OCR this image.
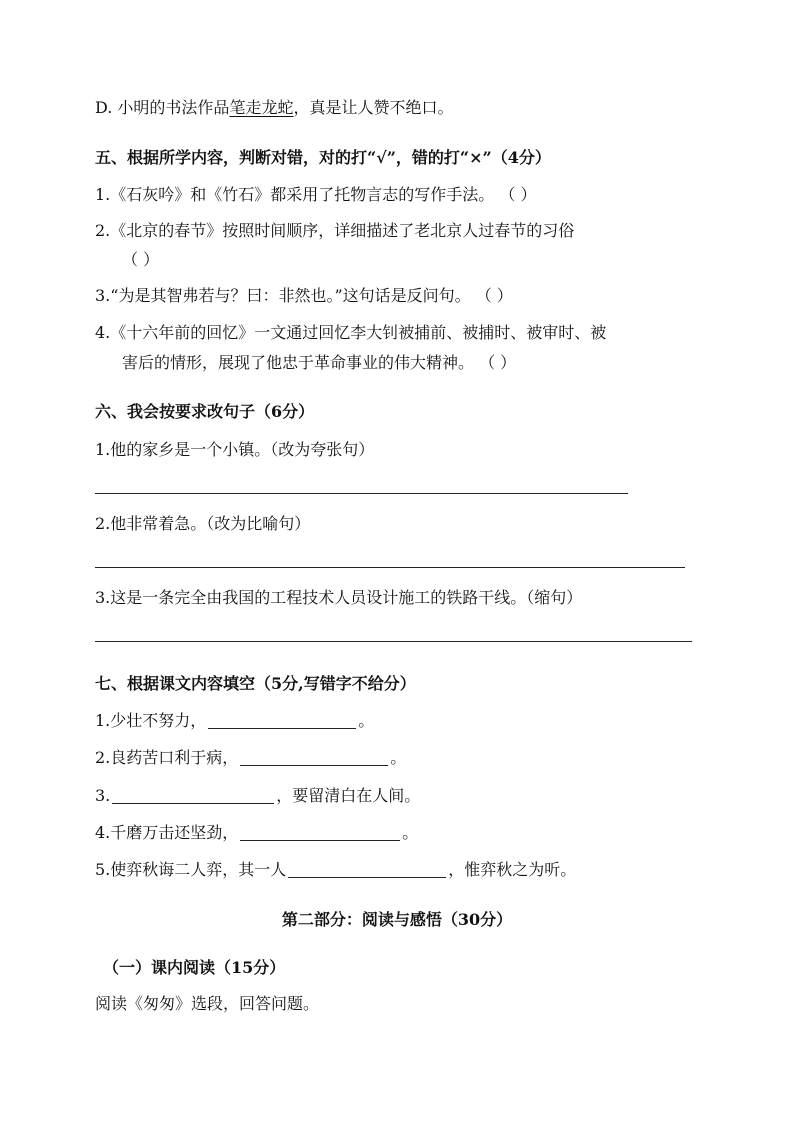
D. 小明的书法作品笔走龙蛇，真是让人赞不绝口。
五、根据所学内容，判断对错，对的打“√”，错的打“×”（4分）
1.《石灰吟》和《竹石》都采用了托物言志的写作手法。 （ ）
2.《北京的春节》按照时间顺序，详细描述了老北京人过春节的习俗
（ ）
3.“为是其智弗若与？曰：非然也。”这句话是反问句。 （ ）
4.《十六年前的回忆》一文通过回忆李大钊被捕前、被捕时、被审时、被
害后的情形，展现了他忠于革命事业的伟大精神。 （ ）
六、我会按要求改句子（6分）
1.他的家乡是一个小镇。（改为夸张句）
2.他非常着急。（改为比喻句）
3.这是一条完全由我国的工程技术人员设计施工的铁路干线。（缩句）
七、根据课文内容填空（5分,写错字不给分）
1.少壮不努力，	。
2.良药苦口利于病，	。
3.	，要留清白在人间。
4.千磨万击还坚劲，	。
5.使弈秋诲二人弈，其一人	，惟弈秋之为听。
第二部分：阅读与感悟（30分）
（一）课内阅读（15分）
阅读《匆匆》选段，回答问题。
